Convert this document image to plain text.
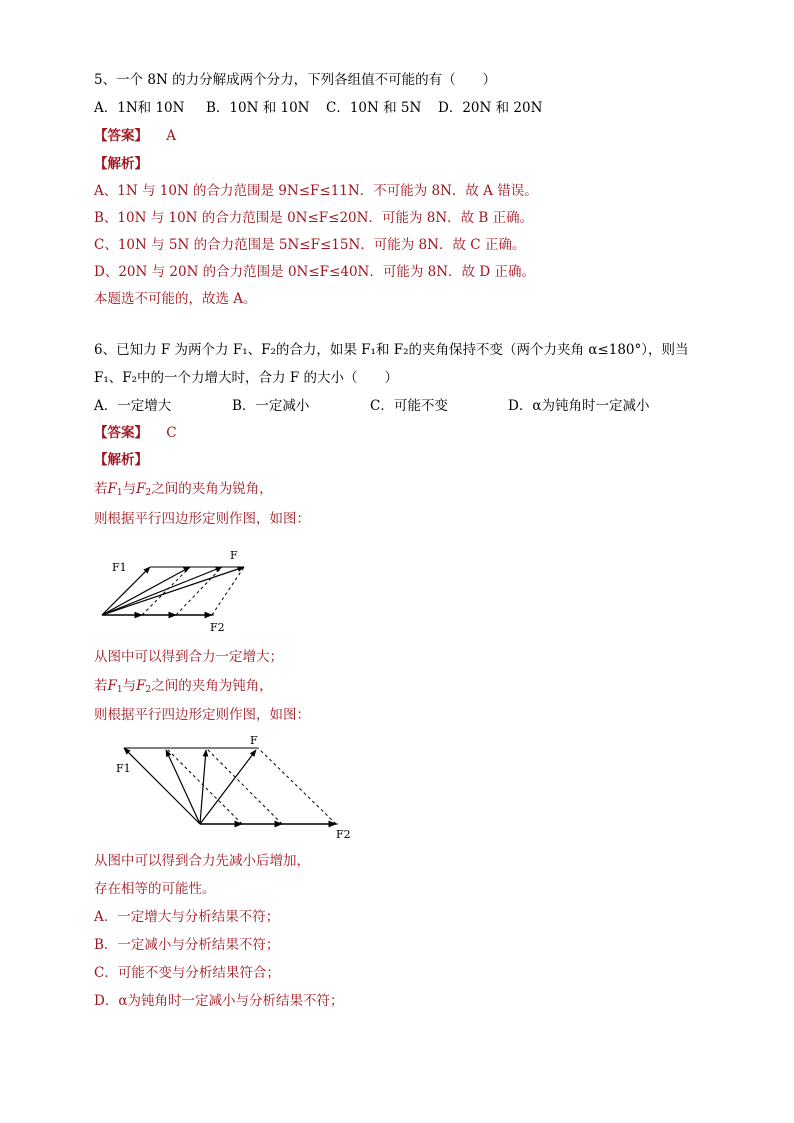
5、一个 8N 的力分解成两个分力，下列各组值不可能的有（　　）
A．1N和 10N B．10N 和 10N C．10N 和 5N D．20N 和 20N
【答案】 A
【解析】
A、1N 与 10N 的合力范围是 9N≤F≤11N．不可能为 8N．故 A 错误。
B、10N 与 10N 的合力范围是 0N≤F≤20N．可能为 8N．故 B 正确。
C、10N 与 5N 的合力范围是 5N≤F≤15N．可能为 8N．故 C 正确。
D、20N 与 20N 的合力范围是 0N≤F≤40N．可能为 8N．故 D 正确。
本题选不可能的，故选 A。
6、已知力 F 为两个力 F₁、F₂的合力，如果 F₁和 F₂的夹角保持不变（两个力夹角 α≤180°），则当
F₁、F₂中的一个力增大时，合力 F 的大小（　　）
A．一定增大	B．一定减小	C．可能不变	D．α为钝角时一定减小
【答案】 C
【解析】
若$F_1$与$F_2$之间的夹角为锐角，
则根据平行四边形定则作图，如图：
F1
F
F2
从图中可以得到合力一定增大；
若$F_1$与$F_2$之间的夹角为钝角，
则根据平行四边形定则作图，如图：
F1
F
F2
从图中可以得到合力先减小后增加，
存在相等的可能性。
A．一定增大与分析结果不符；
B．一定减小与分析结果不符；
C．可能不变与分析结果符合；
D．α为钝角时一定减小与分析结果不符；
